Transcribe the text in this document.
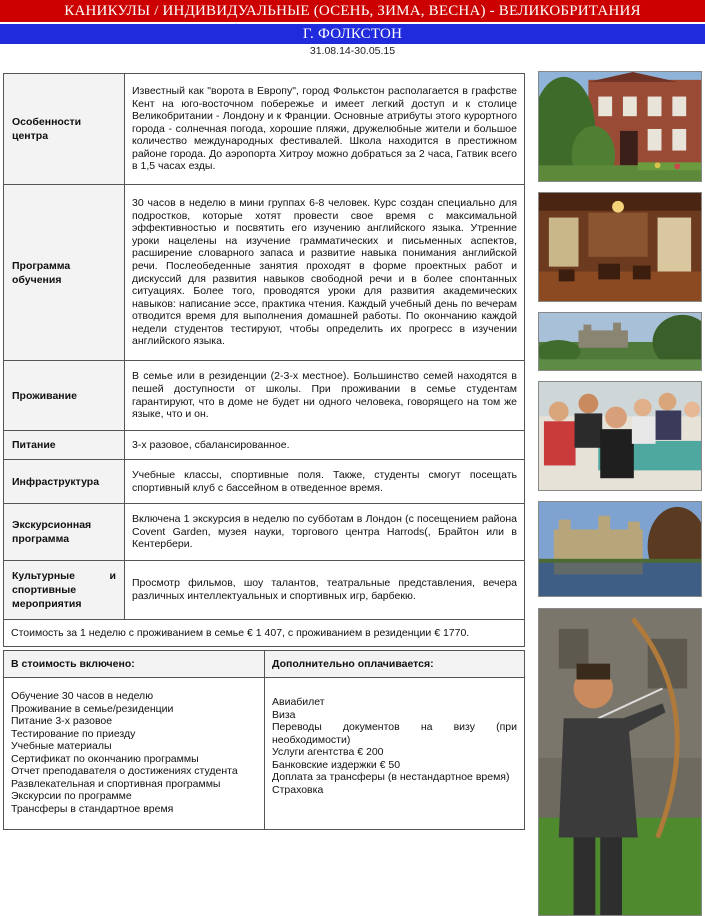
КАНИКУЛЫ / ИНДИВИДУАЛЬНЫЕ (ОСЕНЬ, ЗИМА, ВЕСНА) - ВЕЛИКОБРИТАНИЯ
Г. ФОЛКСТОН
31.08.14-30.05.15
Особенности центра	Известный как "ворота в Европу", город Фолькстон располагается в графстве Кент на юго-восточном побережье и имеет легкий доступ и к столице Великобритании - Лондону и к Франции. Основные атрибуты этого курортного города - солнечная погода, хорошие пляжи, дружелюбные жители и большое количество международных фестивалей. Школа находится в престижном районе города. До аэропорта Хитроу можно добраться за 2 часа, Гатвик всего в 1,5 часах езды.
Программа обучения	30 часов в неделю в мини группах 6-8 человек. Курс создан специально для подростков, которые хотят провести свое время с максимальной эффективностью и посвятить его изучению английского языка. Утренние уроки нацелены на изучение грамматических и письменных аспектов, расширение словарного запаса и развитие навыка понимания английской речи. Послеобеденные занятия проходят в форме проектных работ и дискуссий для развития навыков свободной речи и в более спонтанных ситуациях. Более того, проводятся уроки для развития академических навыков: написание эссе, практика чтения. Каждый учебный день по вечерам отводится время для выполнения домашней работы. По окончанию каждой недели студентов тестируют, чтобы определить их прогресс в изучении английского языка.
Проживание	В семье или в резиденции (2-3-х местное). Большинство семей находятся в пешей доступности от школы. При проживании в семье студентам гарантируют, что в доме не будет ни одного человека, говорящего на том же языке, что и он.
Питание	3-х разовое, сбалансированное.
Инфраструктура	Учебные классы, спортивные поля. Также, студенты смогут посещать спортивный клуб с бассейном в отведенное время.
Экскурсионная программа	Включена 1 экскурсия в неделю по субботам в Лондон (с посещением района Covent Garden, музея науки, торгового центра Harrods(, Брайтон или в Кентербери.
Культурные и спортивные мероприятия	Просмотр фильмов, шоу талантов, театральные представления, вечера различных интеллектуальных и спортивных игр, барбекю.
Стоимость за 1 неделю с проживанием в семье € 1 407, с проживанием в резиденции € 1770.
В стоимость включено:
Обучение 30 часов в неделю
Проживание в семье/резиденции
Питание 3-х разовое
Тестирование по приезду
Учебные материалы
Сертификат по окончанию программы
Отчет преподавателя о достижениях студента
Развлекательная и спортивная программы
Экскурсии по программе
Трансферы в стандартное время
Дополнительно оплачивается:
Авиабилет
Виза
Переводы документов на визу (при необходимости)
Услуги агентства € 200
Банковские издержки € 50
Доплата за трансферы (в нестандартное время)
Страховка
